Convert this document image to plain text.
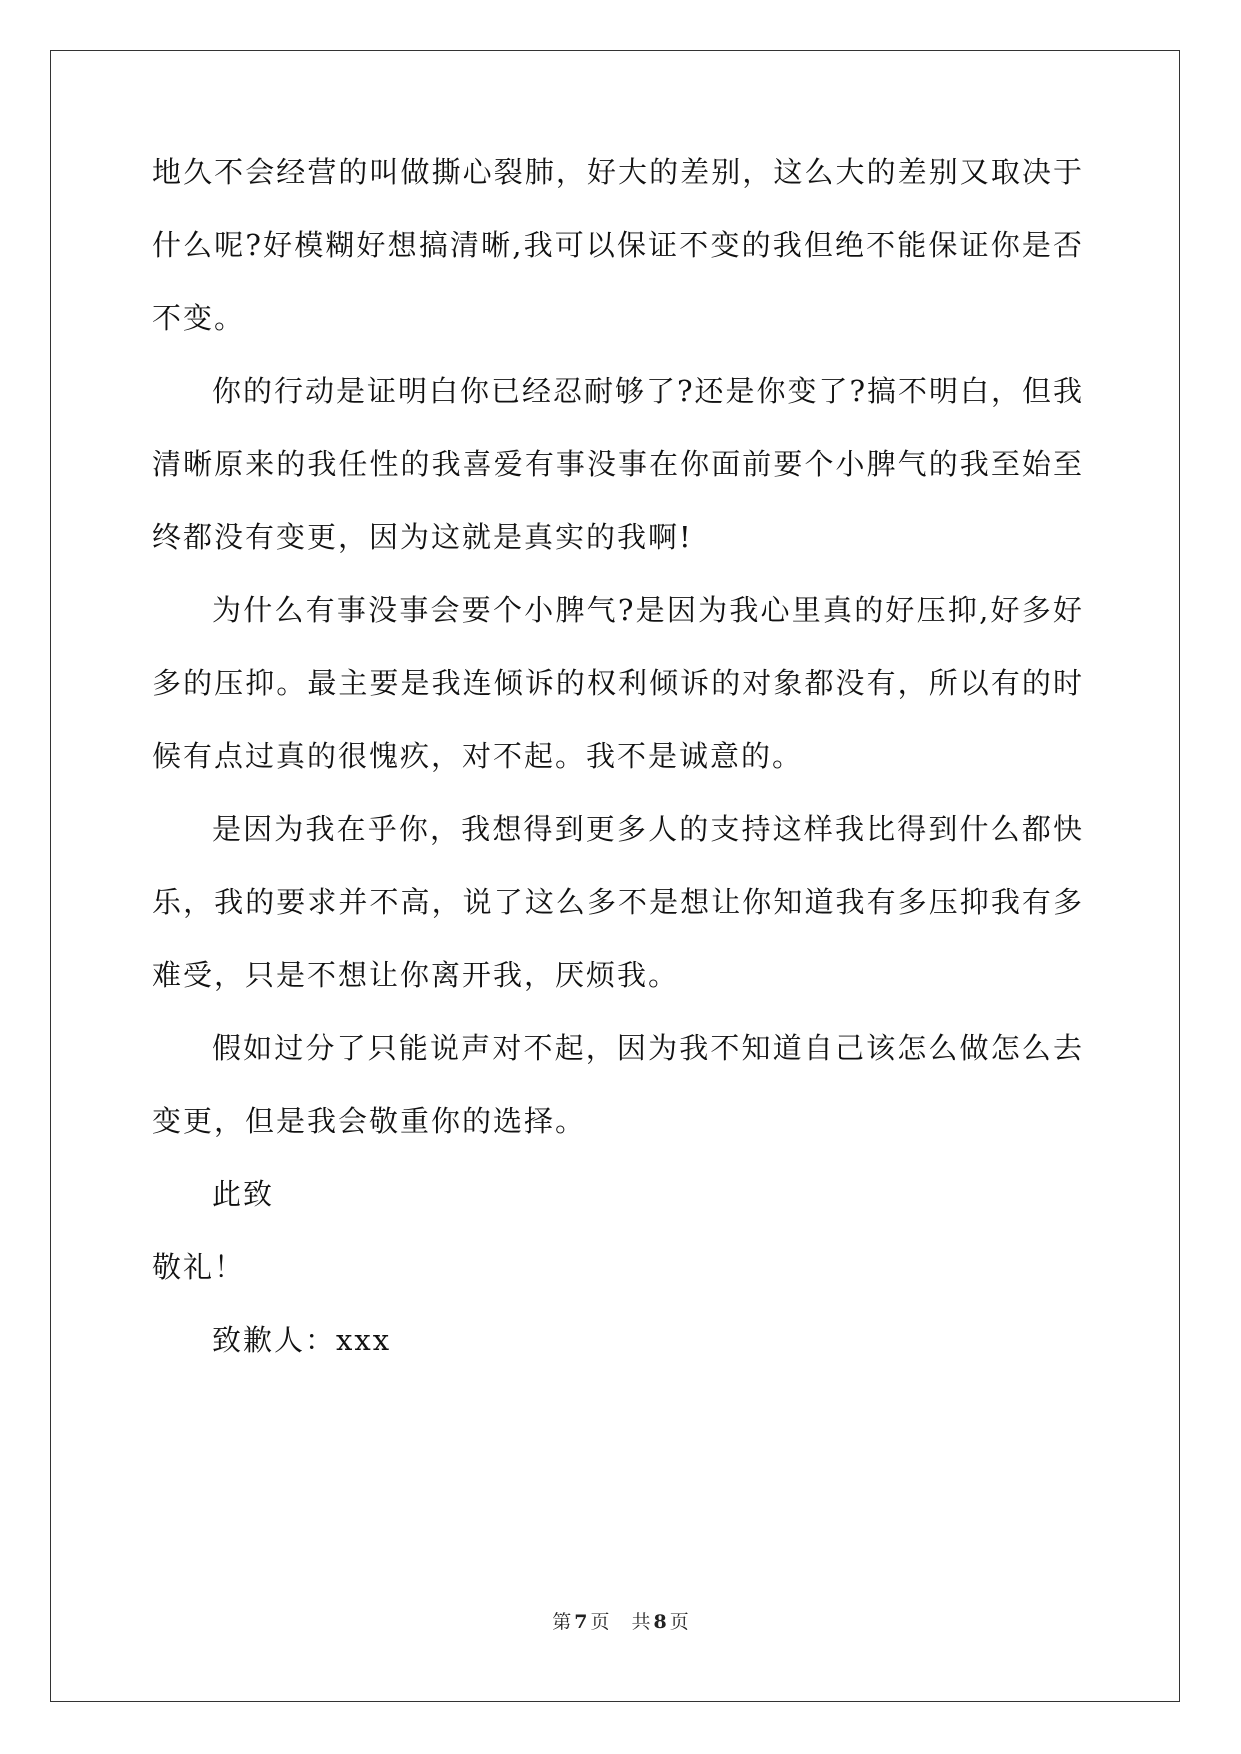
地久不会经营的叫做撕心裂肺，好大的差别，这么大的差别又取决于
什么呢?好模糊好想搞清晰,我可以保证不变的我但绝不能保证你是否
不变。
你的行动是证明白你已经忍耐够了?还是你变了?搞不明白，但我
清晰原来的我任性的我喜爱有事没事在你面前要个小脾气的我至始至
终都没有变更，因为这就是真实的我啊!
为什么有事没事会要个小脾气?是因为我心里真的好压抑,好多好
多的压抑。最主要是我连倾诉的权利倾诉的对象都没有，所以有的时
候有点过真的很愧疚，对不起。我不是诚意的。
是因为我在乎你，我想得到更多人的支持这样我比得到什么都快
乐，我的要求并不高，说了这么多不是想让你知道我有多压抑我有多
难受，只是不想让你离开我，厌烦我。
假如过分了只能说声对不起，因为我不知道自己该怎么做怎么去
变更，但是我会敬重你的选择。
此致
敬礼！
致歉人：xxx
第 7 页 共 8 页
